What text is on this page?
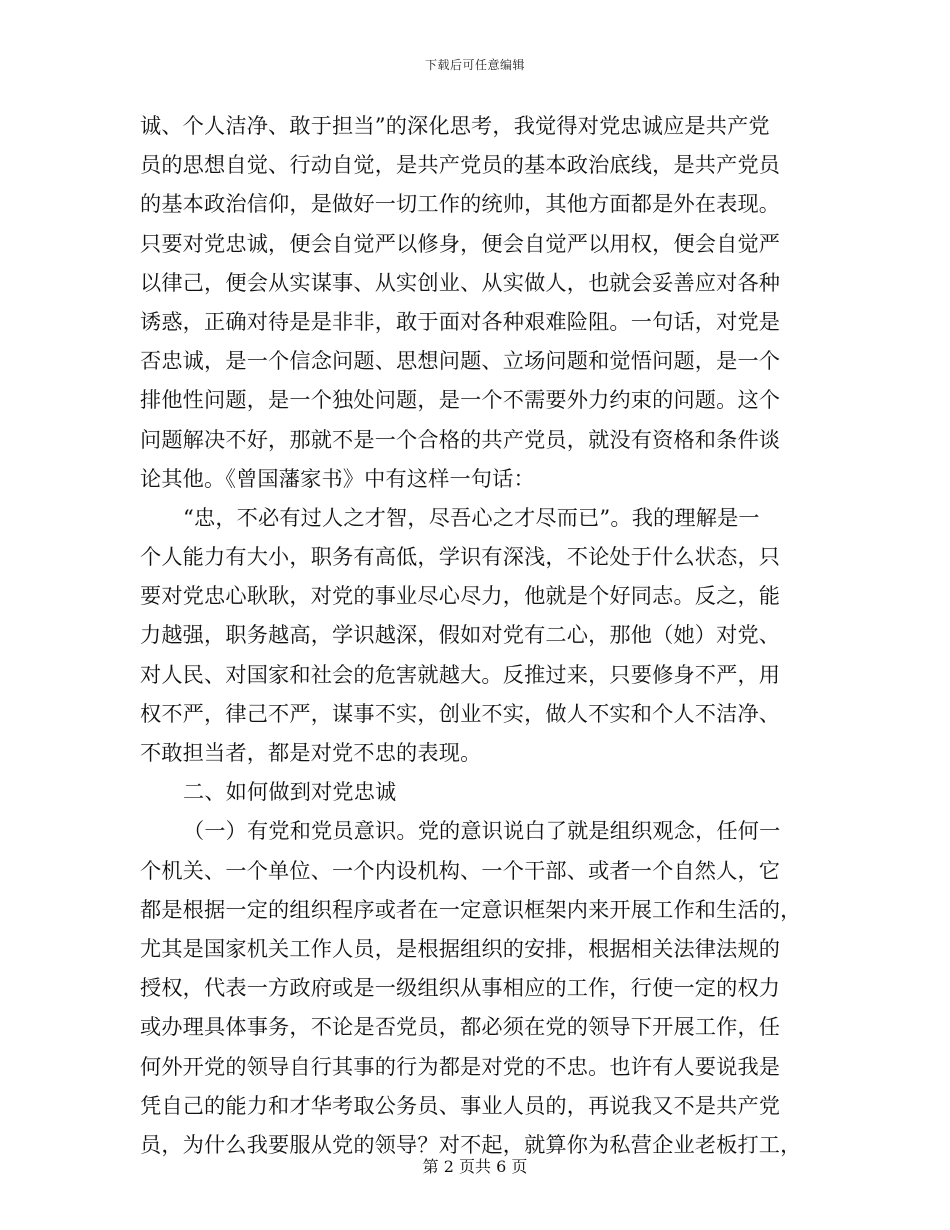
下载后可任意编辑
诚、个人洁净、敢于担当”的深化思考，我觉得对党忠诚应是共产党
员的思想自觉、行动自觉，是共产党员的基本政治底线，是共产党员
的基本政治信仰，是做好一切工作的统帅，其他方面都是外在表现。
只要对党忠诚，便会自觉严以修身，便会自觉严以用权，便会自觉严
以律己，便会从实谋事、从实创业、从实做人，也就会妥善应对各种
诱惑，正确对待是是非非，敢于面对各种艰难险阻。一句话，对党是
否忠诚，是一个信念问题、思想问题、立场问题和觉悟问题，是一个
排他性问题，是一个独处问题，是一个不需要外力约束的问题。这个
问题解决不好，那就不是一个合格的共产党员，就没有资格和条件谈
论其他。《曾国藩家书》中有这样一句话：
“忠，不必有过人之才智，尽吾心之才尽而已”。我的理解是一
个人能力有大小，职务有高低，学识有深浅，不论处于什么状态，只
要对党忠心耿耿，对党的事业尽心尽力，他就是个好同志。反之，能
力越强，职务越高，学识越深，假如对党有二心，那他（她）对党、
对人民、对国家和社会的危害就越大。反推过来，只要修身不严，用
权不严，律己不严，谋事不实，创业不实，做人不实和个人不洁净、
不敢担当者，都是对党不忠的表现。
二、如何做到对党忠诚
（一）有党和党员意识。党的意识说白了就是组织观念，任何一
个机关、一个单位、一个内设机构、一个干部、或者一个自然人，它
都是根据一定的组织程序或者在一定意识框架内来开展工作和生活的，
尤其是国家机关工作人员，是根据组织的安排，根据相关法律法规的
授权，代表一方政府或是一级组织从事相应的工作，行使一定的权力
或办理具体事务，不论是否党员，都必须在党的领导下开展工作，任
何外开党的领导自行其事的行为都是对党的不忠。也许有人要说我是
凭自己的能力和才华考取公务员、事业人员的，再说我又不是共产党
员，为什么我要服从党的领导？对不起，就算你为私营企业老板打工，
第 2 页共 6 页
